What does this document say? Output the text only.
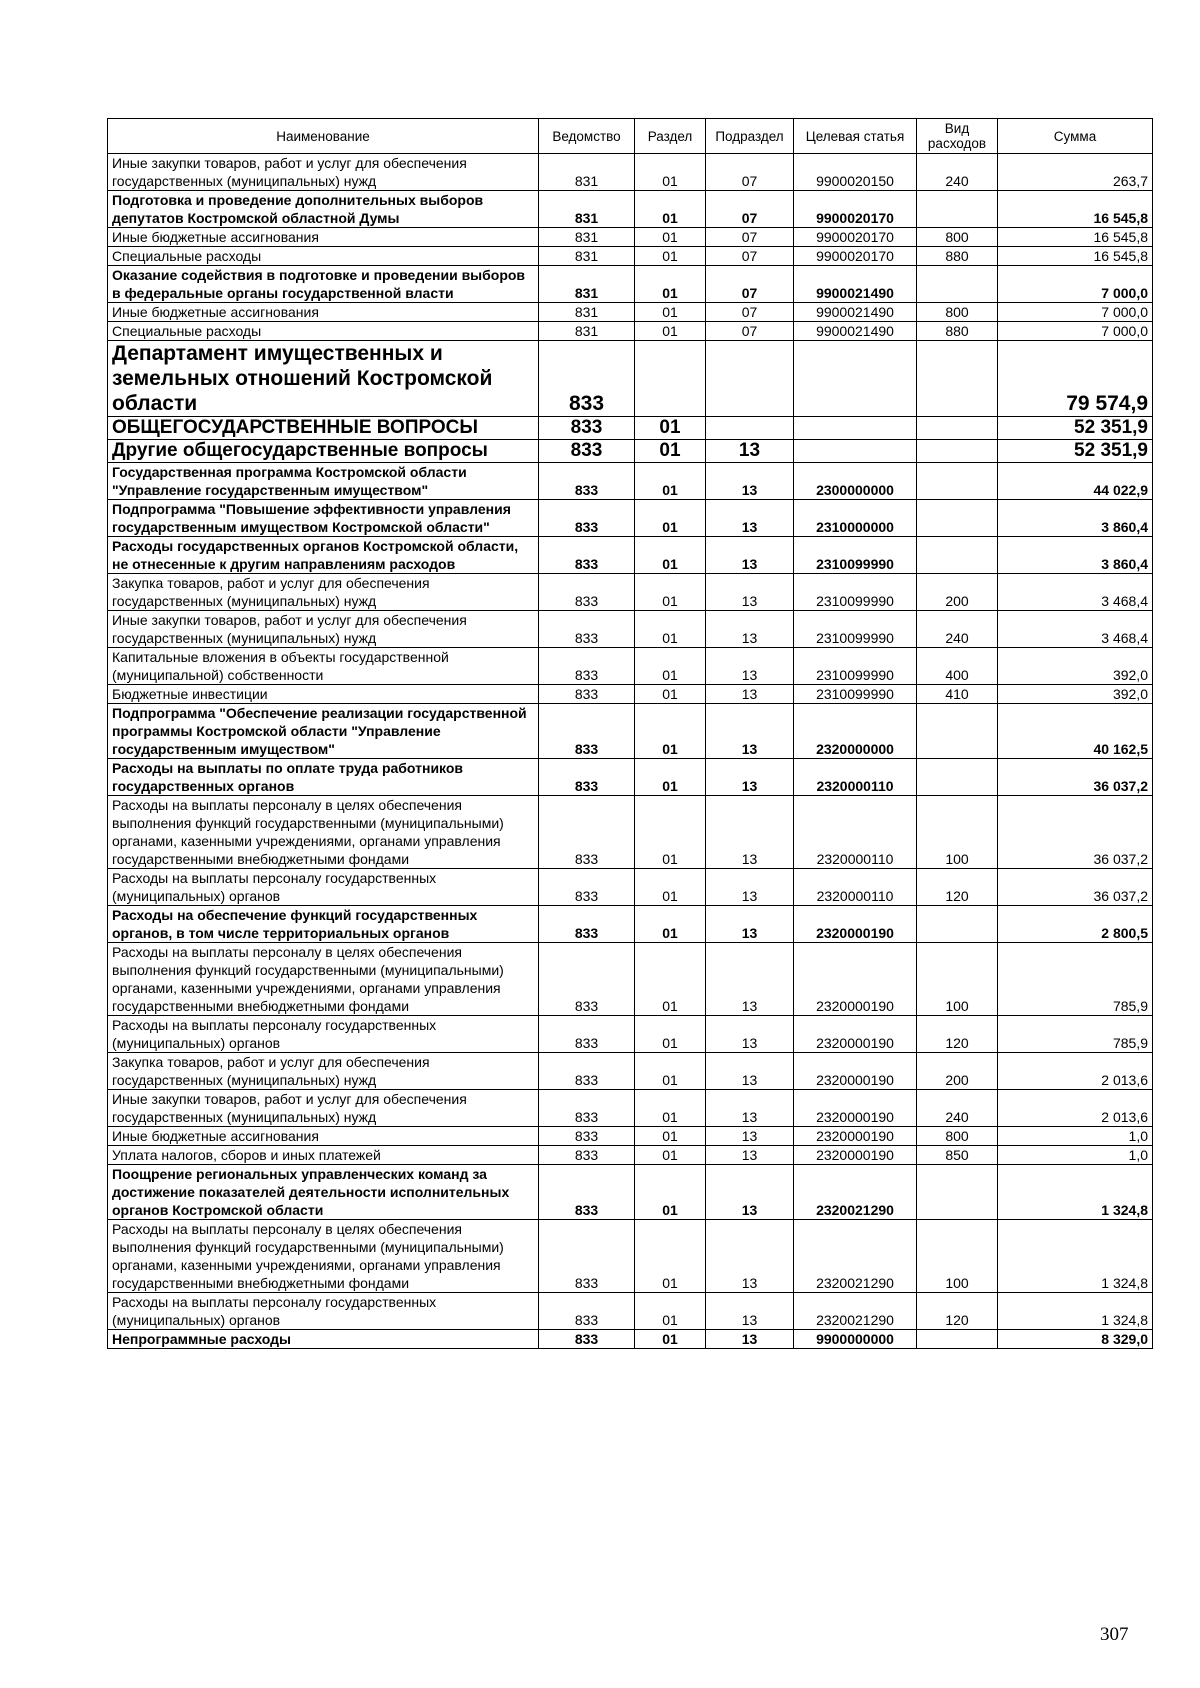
Наименование	Ведомство	Раздел	Подраздел	Целевая статья	Вид расходов	Сумма
Иные закупки товаров, работ и услуг для обеспечения государственных (муниципальных) нужд	831	01	07	9900020150	240	263,7
Подготовка и проведение дополнительных выборов депутатов Костромской областной Думы	831	01	07	9900020170		16 545,8
Иные бюджетные ассигнования	831	01	07	9900020170	800	16 545,8
Специальные расходы	831	01	07	9900020170	880	16 545,8
Оказание содействия в подготовке и проведении выборов в федеральные органы государственной власти	831	01	07	9900021490		7 000,0
Иные бюджетные ассигнования	831	01	07	9900021490	800	7 000,0
Специальные расходы	831	01	07	9900021490	880	7 000,0
Департамент имущественных и земельных отношений Костромской области	833					79 574,9
ОБЩЕГОСУДАРСТВЕННЫЕ ВОПРОСЫ	833	01				52 351,9
Другие общегосударственные вопросы	833	01	13			52 351,9
Государственная программа Костромской области "Управление государственным имуществом"	833	01	13	2300000000		44 022,9
Подпрограмма "Повышение эффективности управления государственным имуществом Костромской области"	833	01	13	2310000000		3 860,4
Расходы государственных органов Костромской области, не отнесенные к другим направлениям расходов	833	01	13	2310099990		3 860,4
Закупка товаров, работ и услуг для обеспечения государственных (муниципальных) нужд	833	01	13	2310099990	200	3 468,4
Иные закупки товаров, работ и услуг для обеспечения государственных (муниципальных) нужд	833	01	13	2310099990	240	3 468,4
Капитальные вложения в объекты государственной (муниципальной) собственности	833	01	13	2310099990	400	392,0
Бюджетные инвестиции	833	01	13	2310099990	410	392,0
Подпрограмма "Обеспечение реализации государственной программы Костромской области "Управление государственным имуществом"	833	01	13	2320000000		40 162,5
Расходы на выплаты по оплате труда работников государственных органов	833	01	13	2320000110		36 037,2
Расходы на выплаты персоналу в целях обеспечения выполнения функций государственными (муниципальными) органами, казенными учреждениями, органами управления государственными внебюджетными фондами	833	01	13	2320000110	100	36 037,2
Расходы на выплаты персоналу государственных (муниципальных) органов	833	01	13	2320000110	120	36 037,2
Расходы на обеспечение функций государственных органов, в том числе территориальных органов	833	01	13	2320000190		2 800,5
Расходы на выплаты персоналу в целях обеспечения выполнения функций государственными (муниципальными) органами, казенными учреждениями, органами управления государственными внебюджетными фондами	833	01	13	2320000190	100	785,9
Расходы на выплаты персоналу государственных (муниципальных) органов	833	01	13	2320000190	120	785,9
Закупка товаров, работ и услуг для обеспечения государственных (муниципальных) нужд	833	01	13	2320000190	200	2 013,6
Иные закупки товаров, работ и услуг для обеспечения государственных (муниципальных) нужд	833	01	13	2320000190	240	2 013,6
Иные бюджетные ассигнования	833	01	13	2320000190	800	1,0
Уплата налогов, сборов и иных платежей	833	01	13	2320000190	850	1,0
Поощрение региональных управленческих команд за достижение показателей деятельности исполнительных органов Костромской области	833	01	13	2320021290		1 324,8
Расходы на выплаты персоналу в целях обеспечения выполнения функций государственными (муниципальными) органами, казенными учреждениями, органами управления государственными внебюджетными фондами	833	01	13	2320021290	100	1 324,8
Расходы на выплаты персоналу государственных (муниципальных) органов	833	01	13	2320021290	120	1 324,8
Непрограммные расходы	833	01	13	9900000000		8 329,0
307
